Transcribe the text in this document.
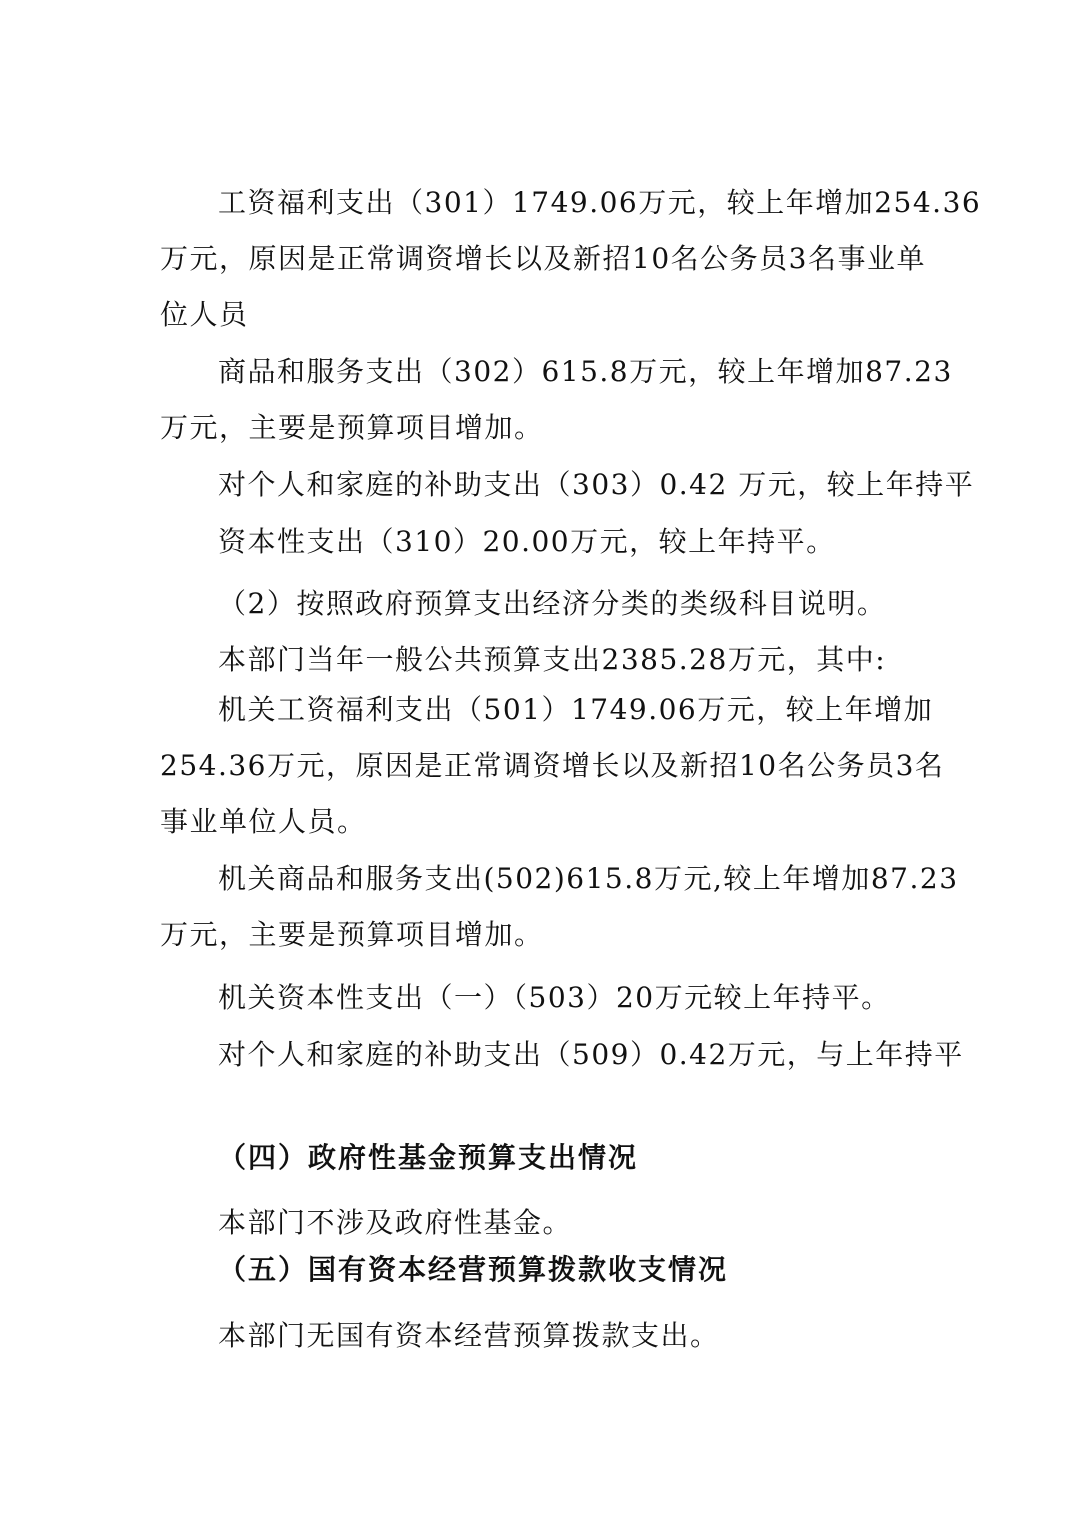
工资福利支出（301）1749.06万元，较上年增加254.36
万元，原因是正常调资增长以及新招10名公务员3名事业单
位人员
商品和服务支出（302）615.8万元，较上年增加87.23
万元，主要是预算项目增加。
对个人和家庭的补助支出（303）0.42 万元，较上年持平
资本性支出（310）20.00万元，较上年持平。
（2）按照政府预算支出经济分类的类级科目说明。
本部门当年一般公共预算支出2385.28万元，其中:
机关工资福利支出（501）1749.06万元，较上年增加
254.36万元，原因是正常调资增长以及新招10名公务员3名
事业单位人员。
机关商品和服务支出(502)615.8万元,较上年增加87.23
万元，主要是预算项目增加。
机关资本性支出（一）（503）20万元较上年持平。
对个人和家庭的补助支出（509）0.42万元，与上年持平
（四）政府性基金预算支出情况
本部门不涉及政府性基金。
（五）国有资本经营预算拨款收支情况
本部门无国有资本经营预算拨款支出。
